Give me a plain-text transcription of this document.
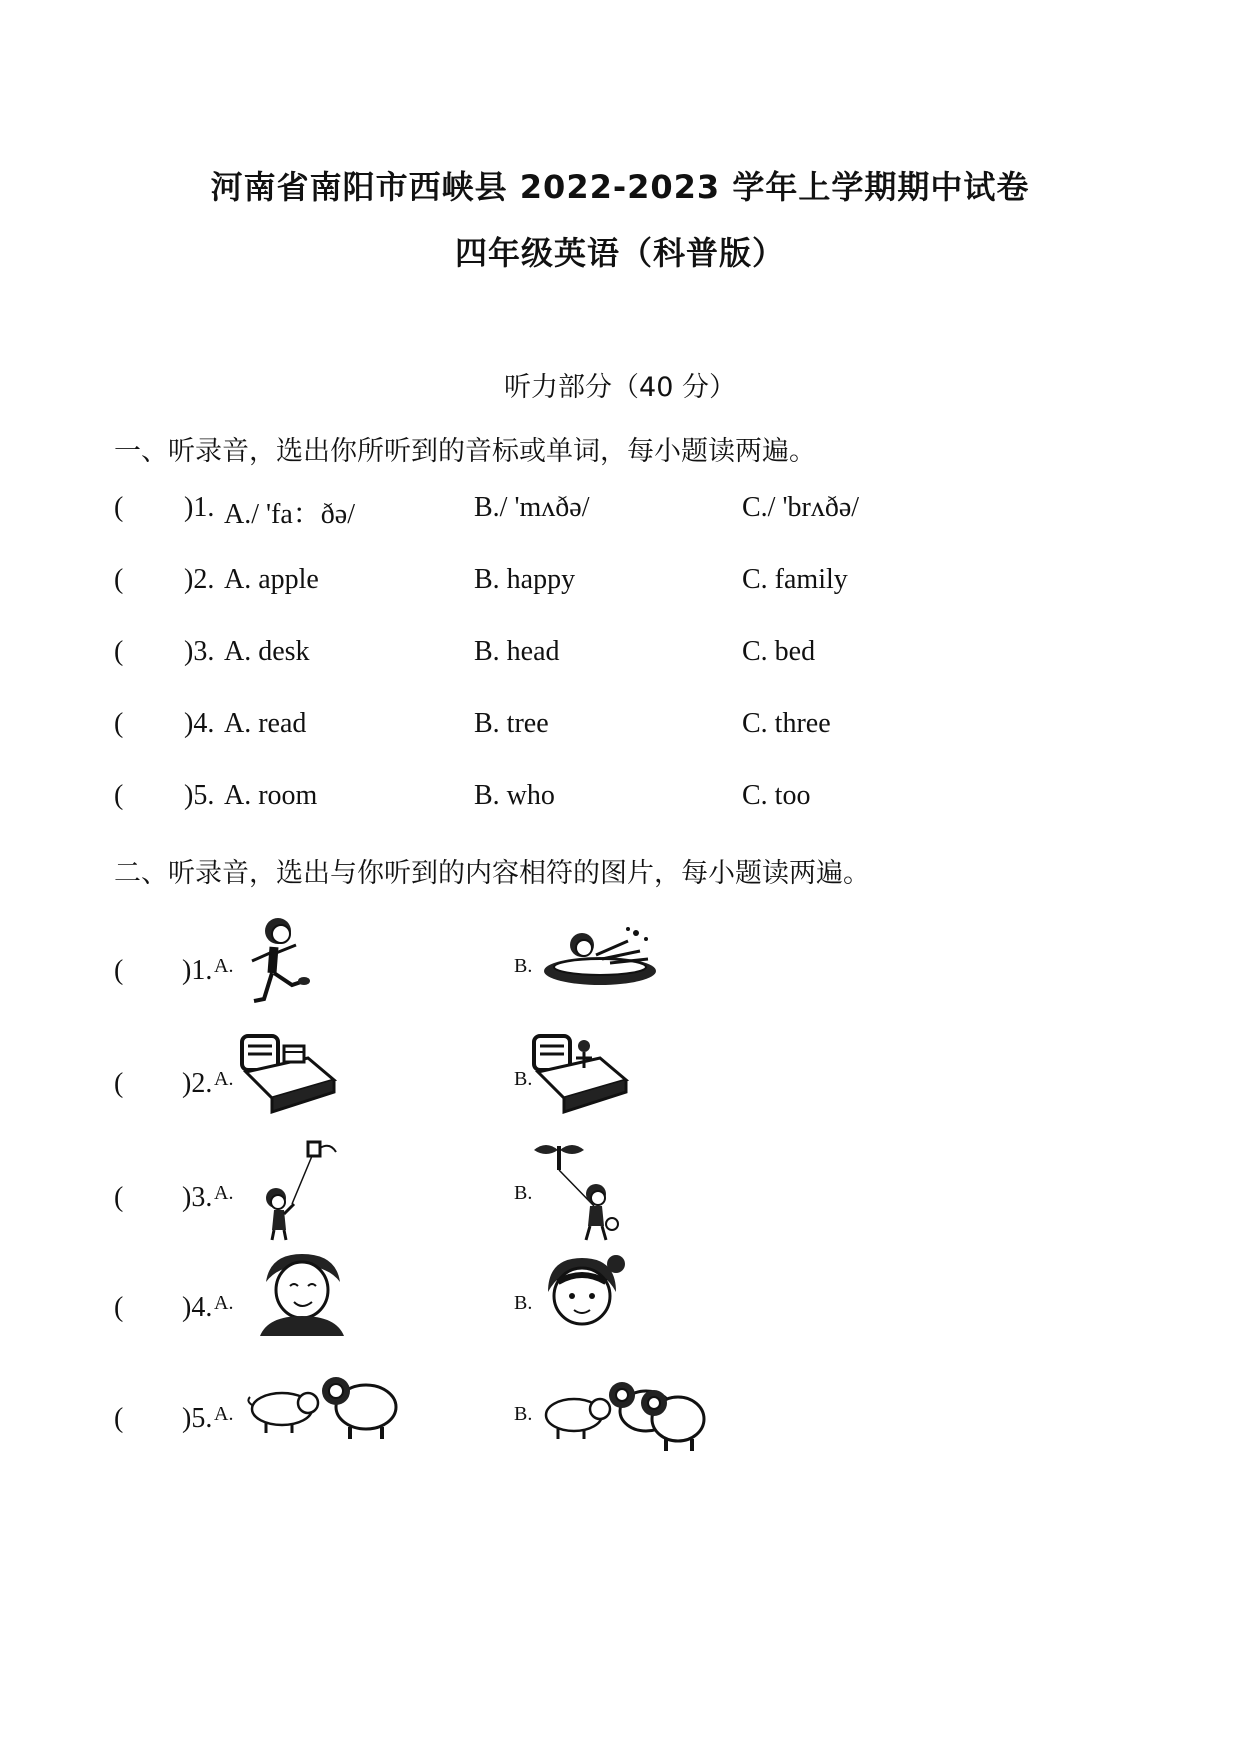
河南省南阳市西峡县 2022-2023 学年上学期期中试卷
四年级英语（科普版）
听力部分（40 分）
一、听录音，选出你所听到的音标或单词，每小题读两遍。
( )1. A./ 'fa：ðə/	B./ 'mʌðə/	C./ 'brʌðə/
( )2. A. apple	B. happy	C. family
( )3. A. desk	B. head	C. bed
( )4. A. read	B. tree	C. three
( )5. A. room	B. who	C. too
二、听录音，选出与你听到的内容相符的图片，每小题读两遍。
( )1. A.	B.
( )2. A.	B.
( )3. A.	B.
( )4. A.	B.
( )5. A.	B.
